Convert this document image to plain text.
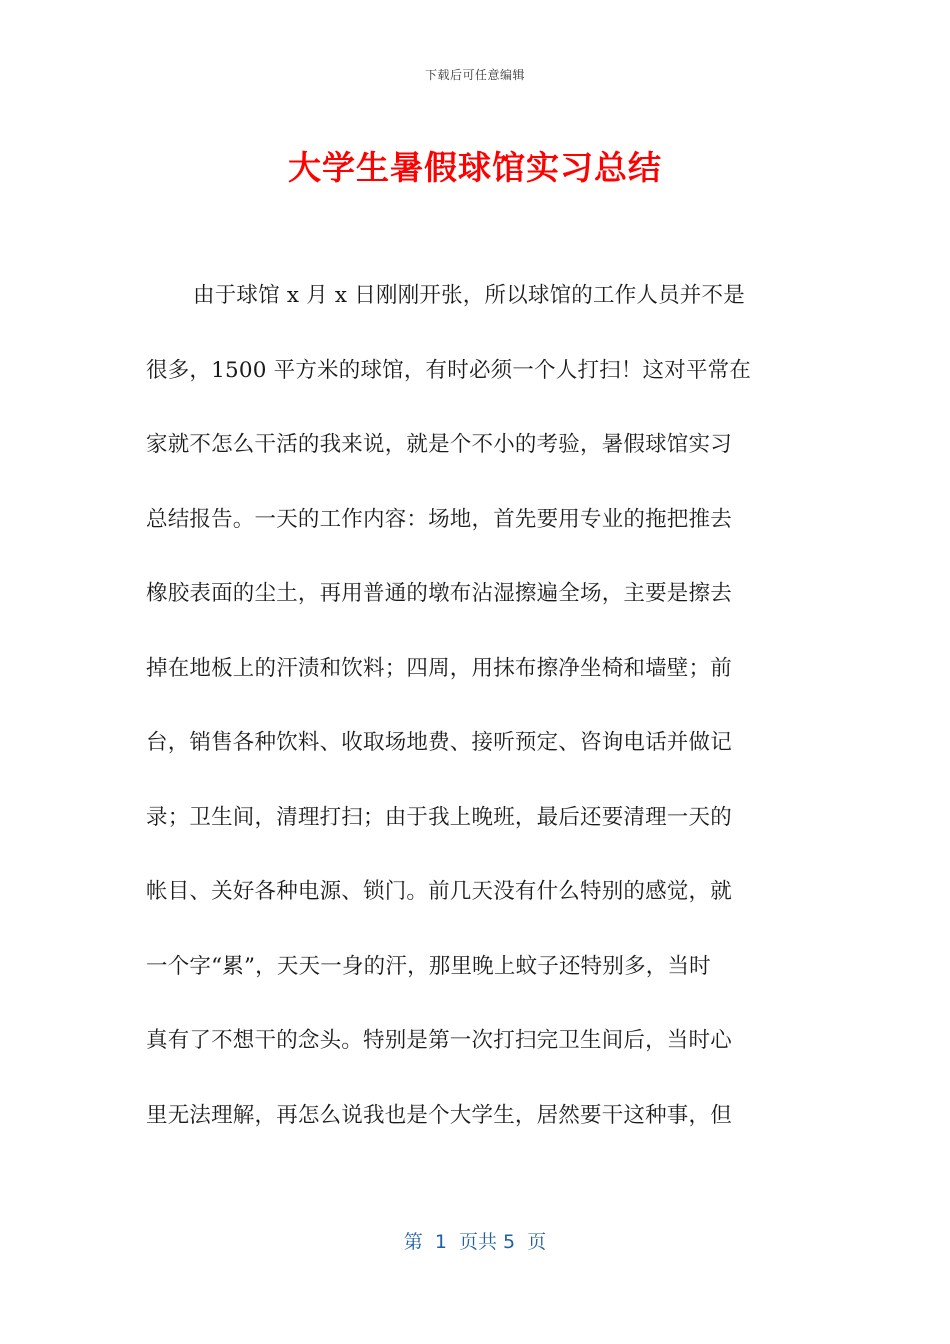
下载后可任意编辑
大学生暑假球馆实习总结
由于球馆 x 月 x 日刚刚开张，所以球馆的工作人员并不是
很多，1500 平方米的球馆，有时必须一个人打扫！这对平常在
家就不怎么干活的我来说，就是个不小的考验，暑假球馆实习
总结报告。一天的工作内容：场地，首先要用专业的拖把推去
橡胶表面的尘土，再用普通的墩布沾湿擦遍全场，主要是擦去
掉在地板上的汗渍和饮料；四周，用抹布擦净坐椅和墙壁；前
台，销售各种饮料、收取场地费、接听预定、咨询电话并做记
录；卫生间，清理打扫；由于我上晚班，最后还要清理一天的
帐目、关好各种电源、锁门。前几天没有什么特别的感觉，就
一个字“累”，天天一身的汗，那里晚上蚊子还特别多，当时
真有了不想干的念头。特别是第一次打扫完卫生间后，当时心
里无法理解，再怎么说我也是个大学生，居然要干这种事，但
第  1  页共 5  页
